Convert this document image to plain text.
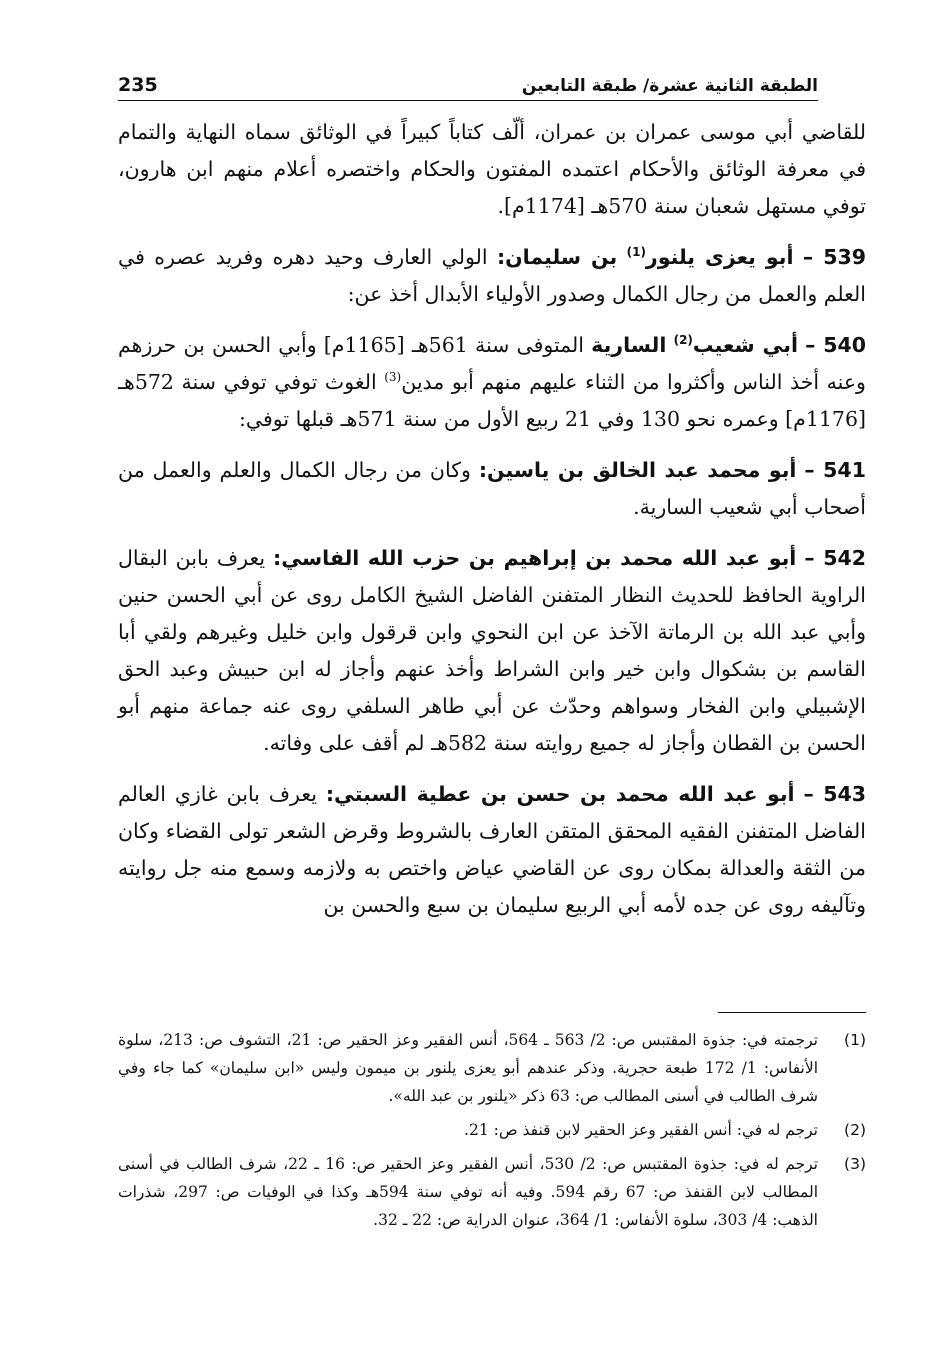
235	الطبقة الثانية عشرة/ طبقة التابعين

للقاضي أبي موسى عمران بن عمران، ألّف كتاباً كبيراً في الوثائق سماه النهاية والتمام في معرفة الوثائق والأحكام اعتمده المفتون والحكام واختصره أعلام منهم ابن هارون، توفي مستهل شعبان سنة 570هـ [1174م].

539 – أبو يعزى يلنور$^{(1)}$ بن سليمان: الولي العارف وحيد دهره وفريد عصره في العلم والعمل من رجال الكمال وصدور الأولياء الأبدال أخذ عن:

540 – أبي شعيب$^{(2)}$ السارية المتوفى سنة 561هـ [1165م] وأبي الحسن بن حرزهم وعنه أخذ الناس وأكثروا من الثناء عليهم منهم أبو مدين$^{(3)}$ الغوث توفي توفي سنة 572هـ [1176م] وعمره نحو 130 وفي 21 ربيع الأول من سنة 571هـ قبلها توفي:

541 – أبو محمد عبد الخالق بن ياسين: وكان من رجال الكمال والعلم والعمل من أصحاب أبي شعيب السارية.

542 – أبو عبد الله محمد بن إبراهيم بن حزب الله الفاسي: يعرف بابن البقال الراوية الحافظ للحديث النظار المتفنن الفاضل الشيخ الكامل روى عن أبي الحسن حنين وأبي عبد الله بن الرماتة الآخذ عن ابن النحوي وابن قرقول وابن خليل وغيرهم ولقي أبا القاسم بن بشكوال وابن خير وابن الشراط وأخذ عنهم وأجاز له ابن حبيش وعبد الحق الإشبيلي وابن الفخار وسواهم وحدّث عن أبي طاهر السلفي روى عنه جماعة منهم أبو الحسن بن القطان وأجاز له جميع روايته سنة 582هـ لم أقف على وفاته.

543 – أبو عبد الله محمد بن حسن بن عطية السبتي: يعرف بابن غازي العالم الفاضل المتفنن الفقيه المحقق المتقن العارف بالشروط وقرض الشعر تولى القضاء وكان من الثقة والعدالة بمكان روى عن القاضي عياض واختص به ولازمه وسمع منه جل روايته وتآليفه روى عن جده لأمه أبي الربيع سليمان بن سبع والحسن بن

(1)
ترجمته في: جذوة المقتبس ص: 2/ 563 ـ 564، أنس الفقير وعز الحقير ص: 21، التشوف ص: 213، سلوة الأنفاس: 1/ 172 طبعة حجرية. وذكر عندهم أبو يعزى يلنور بن ميمون وليس «ابن سليمان» كما جاء وفي شرف الطالب في أسنى المطالب ص: 63 ذكر «يلنور بن عبد الله».
(2)
ترجم له في: أنس الفقير وعز الحقير لابن قنفذ ص: 21.
(3)
ترجم له في: جذوة المقتبس ص: 2/ 530، أنس الفقير وعز الحقير ص: 16 ـ 22، شرف الطالب في أسنى المطالب لابن القنفذ ص: 67 رقم 594. وفيه أنه توفي سنة 594هـ وكذا في الوفيات ص: 297، شذرات الذهب: 4/ 303، سلوة الأنفاس: 1/ 364، عنوان الدراية ص: 22 ـ 32.
